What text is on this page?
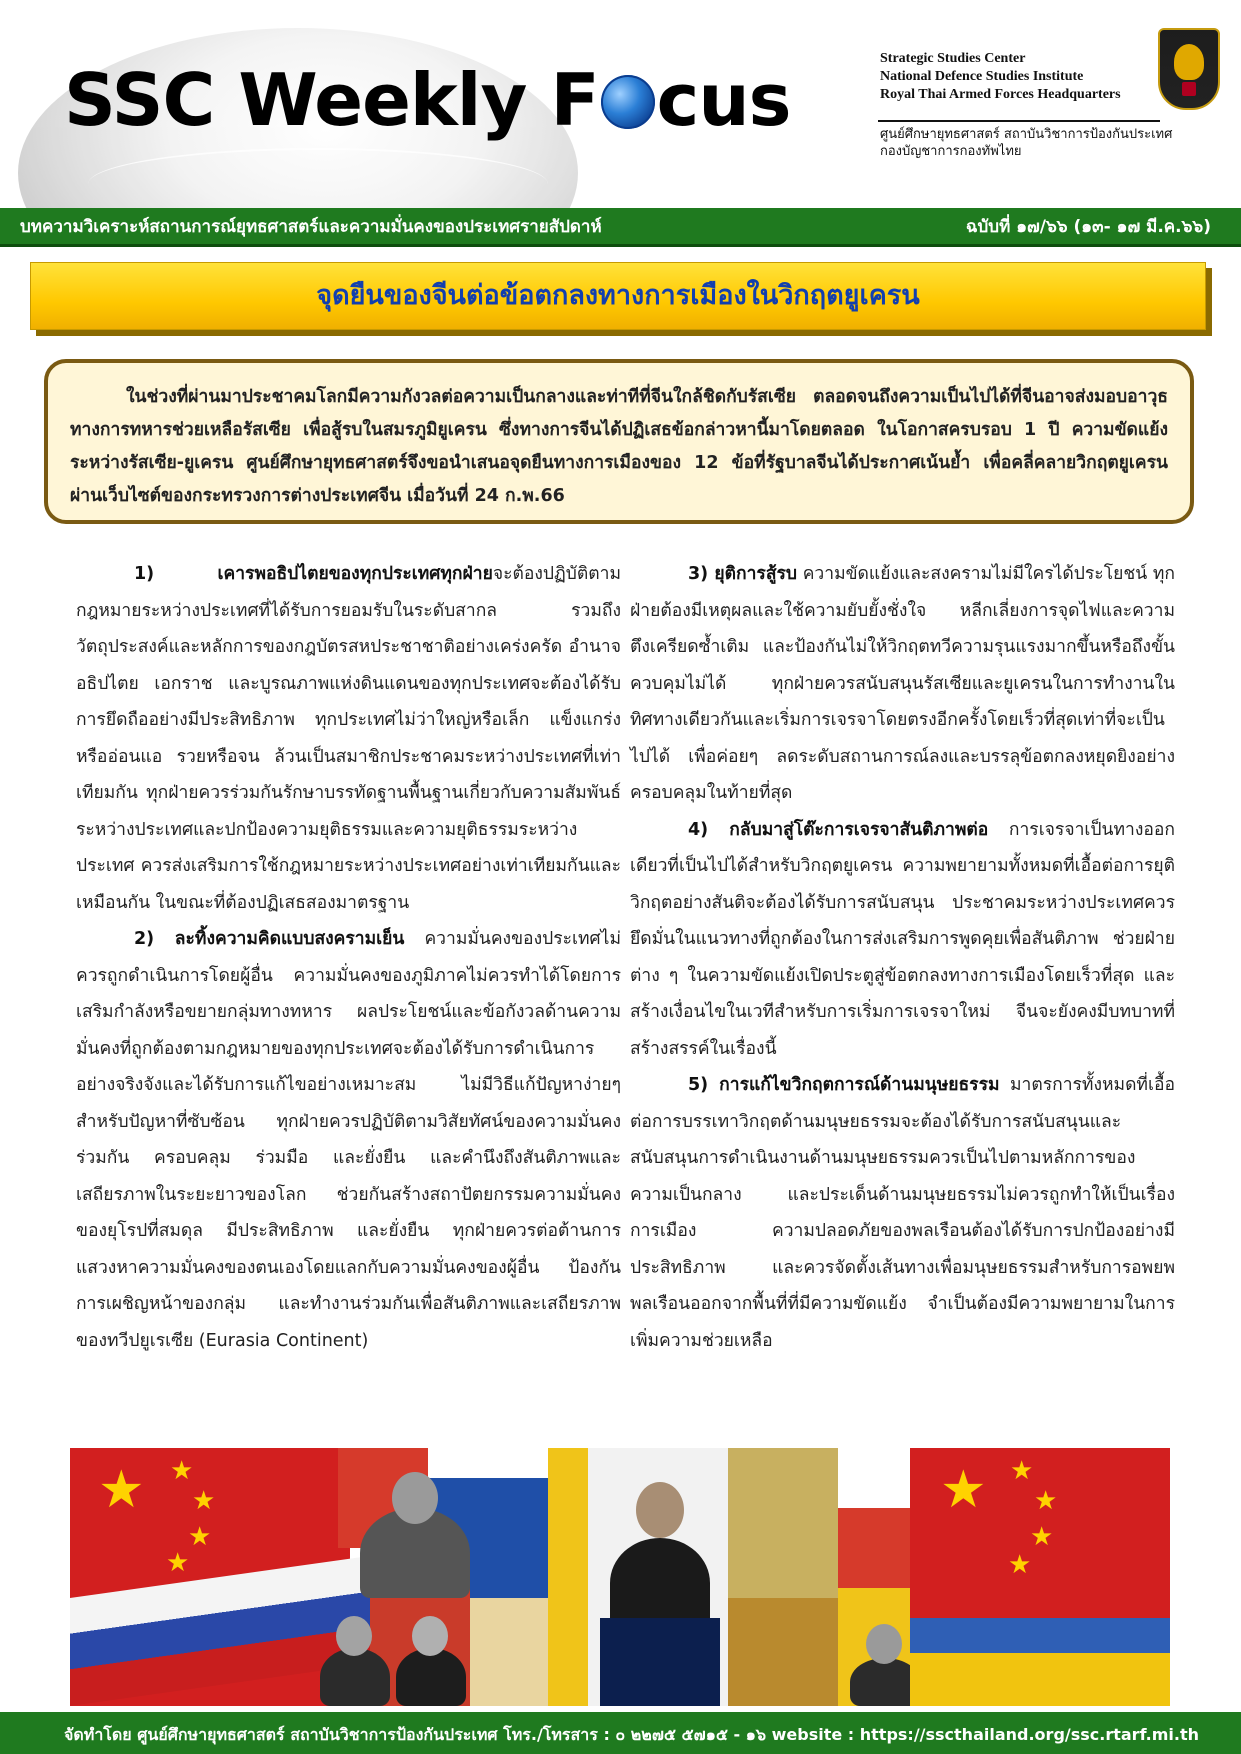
SSC Weekly F cus	Strategic Studies Center
National Defence Studies Institute
Royal Thai Armed Forces Headquarters
ศูนย์ศึกษายุทธศาสตร์ สถาบันวิชาการป้องกันประเทศ
กองบัญชาการกองทัพไทย
บทความวิเคราะห์สถานการณ์ยุทธศาสตร์และความมั่นคงของประเทศรายสัปดาห์	ฉบับที่ ๑๗/๖๖ (๑๓- ๑๗ มี.ค.๖๖)
จุดยืนของจีนต่อข้อตกลงทางการเมืองในวิกฤตยูเครน

ในช่วงที่ผ่านมาประชาคมโลกมีความกังวลต่อความเป็นกลางและท่าทีที่จีนใกล้ชิดกับรัสเซีย ตลอดจนถึงความเป็นไปได้ที่จีนอาจส่งมอบอาวุธทางการทหารช่วยเหลือรัสเซีย เพื่อสู้รบในสมรภูมิยูเครน ซึ่งทางการจีนได้ปฏิเสธข้อกล่าวหานี้มาโดยตลอด ในโอกาสครบรอบ 1 ปี ความขัดแย้งระหว่างรัสเซีย-ยูเครน ศูนย์ศึกษายุทธศาสตร์จึงขอนำเสนอจุดยืนทางการเมืองของ 12 ข้อที่รัฐบาลจีนได้ประกาศเน้นย้ำ เพื่อคลี่คลายวิกฤตยูเครน ผ่านเว็บไซต์ของกระทรวงการต่างประเทศจีน เมื่อวันที่ 24 ก.พ.66

1) เคารพอธิปไตยของทุกประเทศทุกฝ่ายจะต้องปฏิบัติตามกฎหมายระหว่างประเทศที่ได้รับการยอมรับในระดับสากล รวมถึงวัตถุประสงค์และหลักการของกฎบัตรสหประชาชาติอย่างเคร่งครัด อำนาจอธิปไตย เอกราช และบูรณภาพแห่งดินแดนของทุกประเทศจะต้องได้รับการยึดถืออย่างมีประสิทธิภาพ ทุกประเทศไม่ว่าใหญ่หรือเล็ก แข็งแกร่งหรืออ่อนแอ รวยหรือจน ล้วนเป็นสมาชิกประชาคมระหว่างประเทศที่เท่าเทียมกัน ทุกฝ่ายควรร่วมกันรักษาบรรทัดฐานพื้นฐานเกี่ยวกับความสัมพันธ์ระหว่างประเทศและปกป้องความยุติธรรมและความยุติธรรมระหว่างประเทศ ควรส่งเสริมการใช้กฎหมายระหว่างประเทศอย่างเท่าเทียมกันและเหมือนกัน ในขณะที่ต้องปฏิเสธสองมาตรฐาน

2) ละทิ้งความคิดแบบสงครามเย็น ความมั่นคงของประเทศไม่ควรถูกดำเนินการโดยผู้อื่น ความมั่นคงของภูมิภาคไม่ควรทำได้โดยการเสริมกำลังหรือขยายกลุ่มทางทหาร ผลประโยชน์และข้อกังวลด้านความมั่นคงที่ถูกต้องตามกฎหมายของทุกประเทศจะต้องได้รับการดำเนินการอย่างจริงจังและได้รับการแก้ไขอย่างเหมาะสม ไม่มีวิธีแก้ปัญหาง่ายๆ สำหรับปัญหาที่ซับซ้อน ทุกฝ่ายควรปฏิบัติตามวิสัยทัศน์ของความมั่นคงร่วมกัน ครอบคลุม ร่วมมือ และยั่งยืน และคำนึงถึงสันติภาพและเสถียรภาพในระยะยาวของโลก ช่วยกันสร้างสถาปัตยกรรมความมั่นคงของยุโรปที่สมดุล มีประสิทธิภาพ และยั่งยืน ทุกฝ่ายควรต่อต้านการแสวงหาความมั่นคงของตนเองโดยแลกกับความมั่นคงของผู้อื่น ป้องกันการเผชิญหน้าของกลุ่ม และทำงานร่วมกันเพื่อสันติภาพและเสถียรภาพของทวีปยูเรเซีย (Eurasia Continent)

3) ยุติการสู้รบ ความขัดแย้งและสงครามไม่มีใครได้ประโยชน์ ทุกฝ่ายต้องมีเหตุผลและใช้ความยับยั้งชั่งใจ หลีกเลี่ยงการจุดไฟและความตึงเครียดซ้ำเติม และป้องกันไม่ให้วิกฤตทวีความรุนแรงมากขึ้นหรือถึงขั้นควบคุมไม่ได้ ทุกฝ่ายควรสนับสนุนรัสเซียและยูเครนในการทำงานในทิศทางเดียวกันและเริ่มการเจรจาโดยตรงอีกครั้งโดยเร็วที่สุดเท่าที่จะเป็นไปได้ เพื่อค่อยๆ ลดระดับสถานการณ์ลงและบรรลุข้อตกลงหยุดยิงอย่างครอบคลุมในท้ายที่สุด

4) กลับมาสู่โต๊ะการเจรจาสันติภาพต่อ การเจรจาเป็นทางออกเดียวที่เป็นไปได้สำหรับวิกฤตยูเครน ความพยายามทั้งหมดที่เอื้อต่อการยุติวิกฤตอย่างสันติจะต้องได้รับการสนับสนุน ประชาคมระหว่างประเทศควรยึดมั่นในแนวทางที่ถูกต้องในการส่งเสริมการพูดคุยเพื่อสันติภาพ ช่วยฝ่ายต่าง ๆ ในความขัดแย้งเปิดประตูสู่ข้อตกลงทางการเมืองโดยเร็วที่สุด และสร้างเงื่อนไขในเวทีสำหรับการเริ่มการเจรจาใหม่ จีนจะยังคงมีบทบาทที่สร้างสรรค์ในเรื่องนี้

5) การแก้ไขวิกฤตการณ์ด้านมนุษยธรรม มาตรการทั้งหมดที่เอื้อต่อการบรรเทาวิกฤตด้านมนุษยธรรมจะต้องได้รับการสนับสนุนและสนับสนุนการดำเนินงานด้านมนุษยธรรมควรเป็นไปตามหลักการของความเป็นกลาง และประเด็นด้านมนุษยธรรมไม่ควรถูกทำให้เป็นเรื่องการเมือง ความปลอดภัยของพลเรือนต้องได้รับการปกป้องอย่างมีประสิทธิภาพ และควรจัดตั้งเส้นทางเพื่อมนุษยธรรมสำหรับการอพยพพลเรือนออกจากพื้นที่ที่มีความขัดแย้ง จำเป็นต้องมีความพยายามในการเพิ่มความช่วยเหลือ

★ ★
★
★
★
★ ★
★
★
★
จัดทำโดย ศูนย์ศึกษายุทธศาสตร์ สถาบันวิชาการป้องกันประเทศ โทร./โทรสาร : ๐ ๒๒๗๕ ๕๗๑๕ - ๑๖ website : https://sscthailand.org/ssc.rtarf.mi.th
